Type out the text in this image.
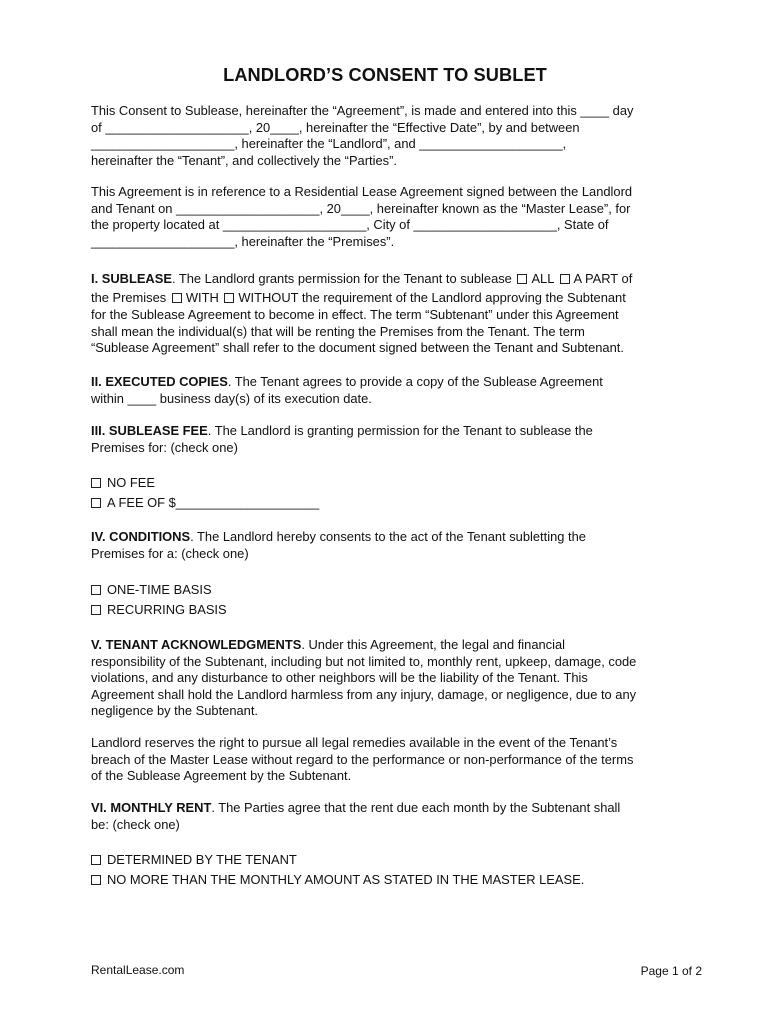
LANDLORD’S CONSENT TO SUBLET

This Consent to Sublease, hereinafter the “Agreement”, is made and entered into this ____ day

of ____________________, 20____, hereinafter the “Effective Date”, by and between

____________________, hereinafter the “Landlord”, and ____________________,

hereinafter the “Tenant”, and collectively the “Parties”.

This Agreement is in reference to a Residential Lease Agreement signed between the Landlord

and Tenant on ____________________, 20____, hereinafter known as the “Master Lease”, for

the property located at ____________________, City of ____________________, State of

____________________, hereinafter the “Premises”.

I. SUBLEASE. The Landlord grants permission for the Tenant to sublease ALL A PART of

the Premises WITH WITHOUT the requirement of the Landlord approving the Subtenant

for the Sublease Agreement to become in effect. The term “Subtenant” under this Agreement

shall mean the individual(s) that will be renting the Premises from the Tenant. The term

“Sublease Agreement” shall refer to the document signed between the Tenant and Subtenant.

II. EXECUTED COPIES. The Tenant agrees to provide a copy of the Sublease Agreement

within ____ business day(s) of its execution date.

III. SUBLEASE FEE. The Landlord is granting permission for the Tenant to sublease the

Premises for: (check one)

NO FEE
A FEE OF $____________________

IV. CONDITIONS. The Landlord hereby consents to the act of the Tenant subletting the

Premises for a: (check one)

ONE-TIME BASIS
RECURRING BASIS

V. TENANT ACKNOWLEDGMENTS. Under this Agreement, the legal and financial

responsibility of the Subtenant, including but not limited to, monthly rent, upkeep, damage, code

violations, and any disturbance to other neighbors will be the liability of the Tenant. This

Agreement shall hold the Landlord harmless from any injury, damage, or negligence, due to any

negligence by the Subtenant.

Landlord reserves the right to pursue all legal remedies available in the event of the Tenant’s

breach of the Master Lease without regard to the performance or non-performance of the terms

of the Sublease Agreement by the Subtenant.

VI. MONTHLY RENT. The Parties agree that the rent due each month by the Subtenant shall

be: (check one)

DETERMINED BY THE TENANT
NO MORE THAN THE MONTHLY AMOUNT AS STATED IN THE MASTER LEASE.
RentalLease.com	Page 1 of 2
